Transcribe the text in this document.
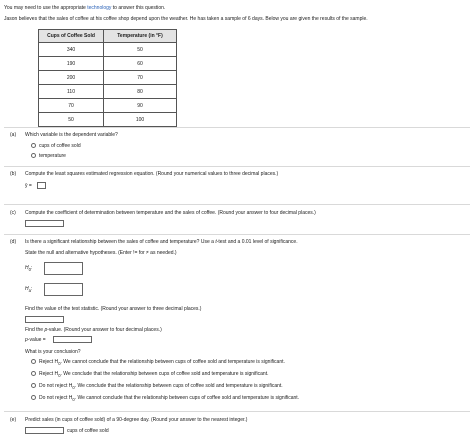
You may need to use the appropriate technology to answer this question.
Jason believes that the sales of coffee at his coffee shop depend upon the weather. He has taken a sample of 6 days. Below you are given the results of the sample.
Cups of Coffee Sold	Temperature (in °F)
340	50
190	60
200	70
110	80
70	90
50	100
(a) Which variable is the dependent variable?
cups of coffee sold
temperature
(b) Compute the least squares estimated regression equation. (Round your numerical values to three decimal places.)
ŷ =
(c) Compute the coefficient of determination between temperature and the sales of coffee. (Round your answer to four decimal places.)
(d) Is there a significant relationship between the sales of coffee and temperature? Use a t-test and a 0.01 level of significance.
State the null and alternative hypotheses. (Enter != for ≠ as needed.)
$H_0$:
$H_a$:
Find the value of the test statistic. (Round your answer to three decimal places.)
Find the p-value. (Round your answer to four decimal places.)
p-value =
What is your conclusion?
Reject $H_0$. We cannot conclude that the relationship between cups of coffee sold and temperature is significant.
Reject $H_0$. We conclude that the relationship between cups of coffee sold and temperature is significant.
Do not reject $H_0$. We conclude that the relationship between cups of coffee sold and temperature is significant.
Do not reject $H_0$. We cannot conclude that the relationship between cups of coffee sold and temperature is significant.
(e) Predict sales (in cups of coffee sold) of a 90-degree day. (Round your answer to the nearest integer.)
cups of coffee sold
